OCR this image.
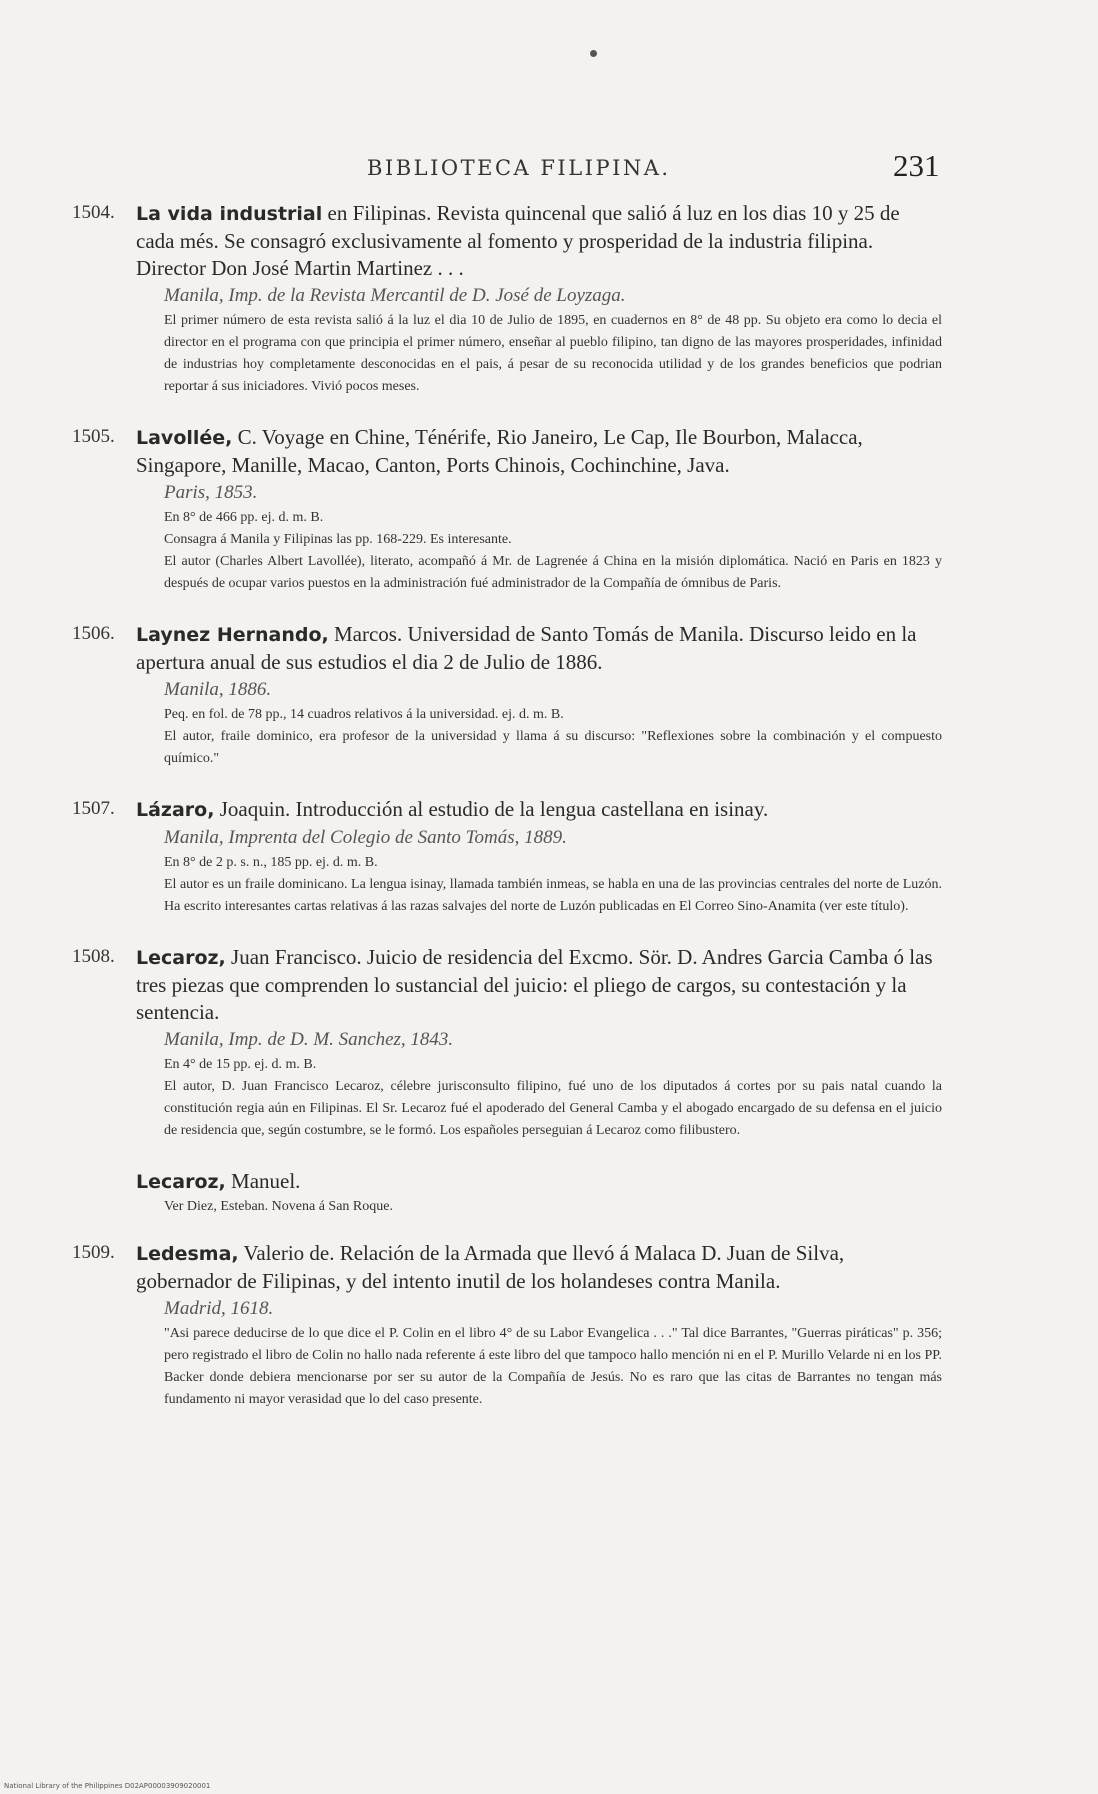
BIBLIOTECA FILIPINA.	231
1504. La vida industrial en Filipinas. Revista quincenal que salió á luz en los dias 10 y 25 de cada més. Se consagró exclusivamente al fomento y prosperidad de la industria filipina. Director Don José Martin Martinez . . .
Manila, Imp. de la Revista Mercantil de D. José de Loyzaga.

El primer número de esta revista salió á la luz el dia 10 de Julio de 1895, en cuadernos en 8° de 48 pp. Su objeto era como lo decia el director en el programa con que principia el primer número, enseñar al pueblo filipino, tan digno de las mayores prosperidades, infinidad de industrias hoy completamente desconocidas en el pais, á pesar de su reconocida utilidad y de los grandes beneficios que podrian reportar á sus iniciadores. Vivió pocos meses.

1505. Lavollée, C. Voyage en Chine, Ténérife, Rio Janeiro, Le Cap, Ile Bourbon, Malacca, Singapore, Manille, Macao, Canton, Ports Chinois, Cochinchine, Java.
Paris, 1853.

En 8° de 466 pp. ej. d. m. B.

Consagra á Manila y Filipinas las pp. 168-229. Es interesante.

El autor (Charles Albert Lavollée), literato, acompañó á Mr. de Lagrenée á China en la misión diplomática. Nació en Paris en 1823 y después de ocupar varios puestos en la administración fué administrador de la Compañía de ómnibus de Paris.

1506. Laynez Hernando, Marcos. Universidad de Santo Tomás de Manila. Discurso leido en la apertura anual de sus estudios el dia 2 de Julio de 1886.
Manila, 1886.

Peq. en fol. de 78 pp., 14 cuadros relativos á la universidad. ej. d. m. B.

El autor, fraile dominico, era profesor de la universidad y llama á su discurso: "Reflexiones sobre la combinación y el compuesto químico."

1507. Lázaro, Joaquin. Introducción al estudio de la lengua castellana en isinay.
Manila, Imprenta del Colegio de Santo Tomás, 1889.

En 8° de 2 p. s. n., 185 pp. ej. d. m. B.

El autor es un fraile dominicano. La lengua isinay, llamada también inmeas, se habla en una de las provincias centrales del norte de Luzón. Ha escrito interesantes cartas relativas á las razas salvajes del norte de Luzón publicadas en El Correo Sino-Anamita (ver este título).

1508. Lecaroz, Juan Francisco. Juicio de residencia del Excmo. Sör. D. Andres Garcia Camba ó las tres piezas que comprenden lo sustancial del juicio: el pliego de cargos, su contestación y la sentencia.
Manila, Imp. de D. M. Sanchez, 1843.

En 4° de 15 pp. ej. d. m. B.

El autor, D. Juan Francisco Lecaroz, célebre jurisconsulto filipino, fué uno de los diputados á cortes por su pais natal cuando la constitución regia aún en Filipinas. El Sr. Lecaroz fué el apoderado del General Camba y el abogado encargado de su defensa en el juicio de residencia que, según costumbre, se le formó. Los españoles perseguian á Lecaroz como filibustero.

Lecaroz, Manuel.

Ver Diez, Esteban. Novena á San Roque.

1509. Ledesma, Valerio de. Relación de la Armada que llevó á Malaca D. Juan de Silva, gobernador de Filipinas, y del intento inutil de los holandeses contra Manila.
Madrid, 1618.

"Asi parece deducirse de lo que dice el P. Colin en el libro 4° de su Labor Evangelica . . ." Tal dice Barrantes, "Guerras piráticas" p. 356; pero registrado el libro de Colin no hallo nada referente á este libro del que tampoco hallo mención ni en el P. Murillo Velarde ni en los PP. Backer donde debiera mencionarse por ser su autor de la Compañía de Jesús. No es raro que las citas de Barrantes no tengan más fundamento ni mayor verasidad que lo del caso presente.

National Library of the Philippines D02AP00003909020001
